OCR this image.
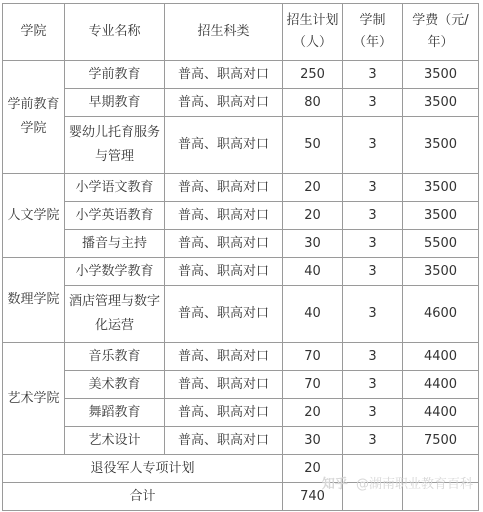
学院	专业名称	招生科类	招生计划（人）	学制（年）	学费（元/年）
学前教育学院	学前教育	普高、职高对口	250	3	3500
	早期教育	普高、职高对口	80	3	3500
	婴幼儿托育服务与管理	普高、职高对口	50	3	3500
人文学院	小学语文教育	普高、职高对口	20	3	3500
	小学英语教育	普高、职高对口	20	3	3500
	播音与主持	普高、职高对口	30	3	5500
数理学院	小学数学教育	普高、职高对口	40	3	3500
	酒店管理与数字化运营	普高、职高对口	40	3	4600
艺术学院	音乐教育	普高、职高对口	70	3	4400
	美术教育	普高、职高对口	70	3	4400
	舞蹈教育	普高、职高对口	20	3	4400
	艺术设计	普高、职高对口	30	3	7500
退役军人专项计划			20		
合计			740		
知乎 @湖南职业教育百科
